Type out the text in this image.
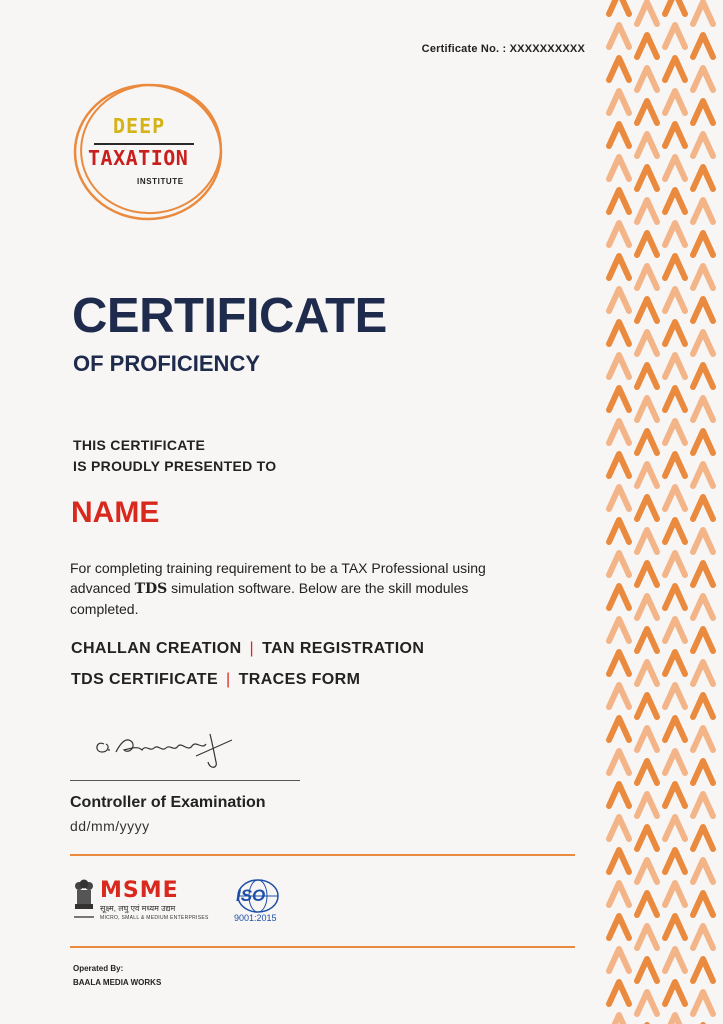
Certificate No. : XXXXXXXXXX
DEEP
TAXATION
INSTITUTE
CERTIFICATE
OF PROFICIENCY
THIS CERTIFICATE
IS PROUDLY PRESENTED TO
NAME
For completing training requirement to be a TAX Professional using advanced TDS simulation software. Below are the skill modules completed.
CHALLAN CREATION | TAN REGISTRATION
TDS CERTIFICATE | TRACES FORM
Controller of Examination
dd/mm/yyyy
MSME
सूक्ष्म, लघु एवं मध्यम उद्यम
MICRO, SMALL & MEDIUM ENTERPRISES
ISO
9001:2015
Operated By:
BAALA MEDIA WORKS
